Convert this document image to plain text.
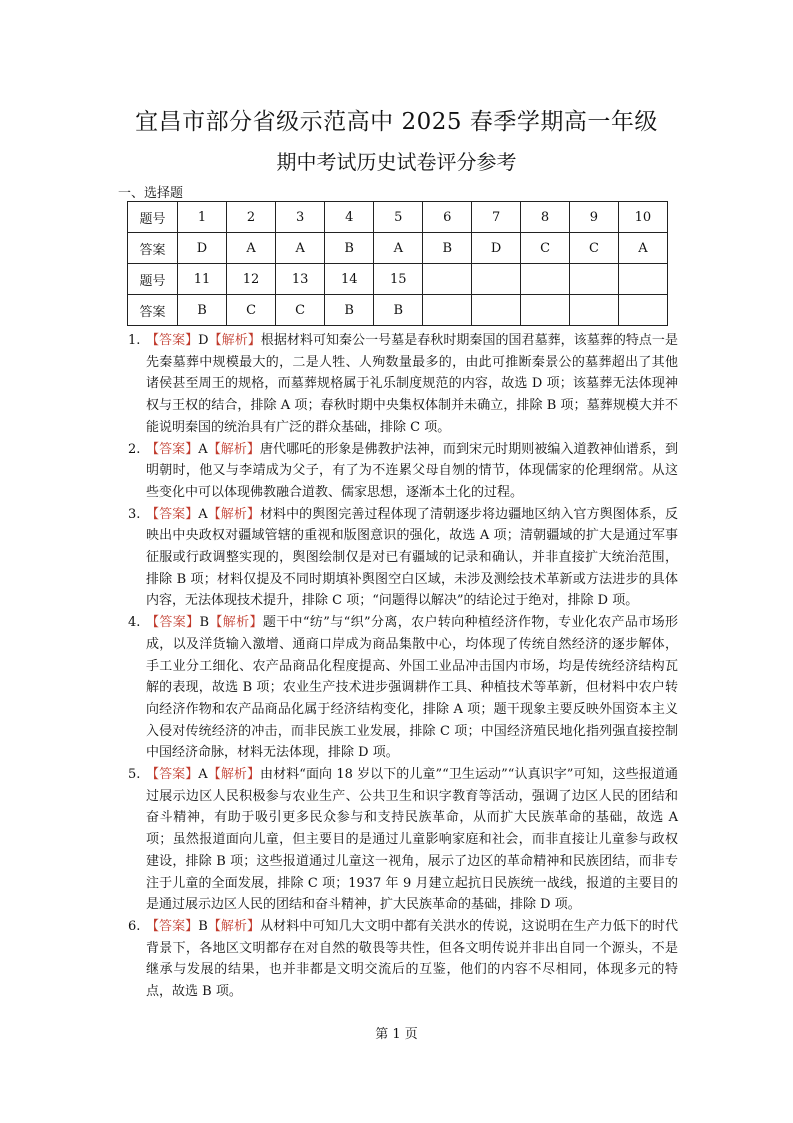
宜昌市部分省级示范高中 2025 春季学期高一年级
期中考试历史试卷评分参考
一、选择题
题号	1	2	3	4	5	6	7	8	9	10
答案	D	A	A	B	A	B	D	C	C	A
题号	11	12	13	14	15					
答案	B	C	C	B	B					
1. 【答案】D【解析】根据材料可知秦公一号墓是春秋时期秦国的国君墓葬，该墓葬的特点一是先秦墓葬中规模最大的，二是人牲、人殉数量最多的，由此可推断秦景公的墓葬超出了其他诸侯甚至周王的规格，而墓葬规格属于礼乐制度规范的内容，故选 D 项；该墓葬无法体现神权与王权的结合，排除 A 项；春秋时期中央集权体制并未确立，排除 B 项；墓葬规模大并不能说明秦国的统治具有广泛的群众基础，排除 C 项。
2. 【答案】A【解析】唐代哪吒的形象是佛教护法神，而到宋元时期则被编入道教神仙谱系，到明朝时，他又与李靖成为父子，有了为不连累父母自刎的情节，体现儒家的伦理纲常。从这些变化中可以体现佛教融合道教、儒家思想，逐渐本土化的过程。
3. 【答案】A【解析】材料中的舆图完善过程体现了清朝逐步将边疆地区纳入官方舆图体系，反映出中央政权对疆域管辖的重视和版图意识的强化，故选 A 项；清朝疆域的扩大是通过军事征服或行政调整实现的，舆图绘制仅是对已有疆域的记录和确认，并非直接扩大统治范围，排除 B 项；材料仅提及不同时期填补舆图空白区域，未涉及测绘技术革新或方法进步的具体内容，无法体现技术提升，排除 C 项；“问题得以解决”的结论过于绝对，排除 D 项。
4. 【答案】B【解析】题干中“纺”与“织”分离，农户转向种植经济作物，专业化农产品市场形成，以及洋货输入激增、通商口岸成为商品集散中心，均体现了传统自然经济的逐步解体，手工业分工细化、农产品商品化程度提高、外国工业品冲击国内市场，均是传统经济结构瓦解的表现，故选 B 项；农业生产技术进步强调耕作工具、种植技术等革新，但材料中农户转向经济作物和农产品商品化属于经济结构变化，排除 A 项；题干现象主要反映外国资本主义入侵对传统经济的冲击，而非民族工业发展，排除 C 项；中国经济殖民地化指列强直接控制中国经济命脉，材料无法体现，排除 D 项。
5. 【答案】A【解析】由材料“面向 18 岁以下的儿童”“卫生运动”“认真识字”可知，这些报道通过展示边区人民积极参与农业生产、公共卫生和识字教育等活动，强调了边区人民的团结和奋斗精神，有助于吸引更多民众参与和支持民族革命，从而扩大民族革命的基础，故选 A 项；虽然报道面向儿童，但主要目的是通过儿童影响家庭和社会，而非直接让儿童参与政权建设，排除 B 项；这些报道通过儿童这一视角，展示了边区的革命精神和民族团结，而非专注于儿童的全面发展，排除 C 项；1937 年 9 月建立起抗日民族统一战线，报道的主要目的是通过展示边区人民的团结和奋斗精神，扩大民族革命的基础，排除 D 项。
6. 【答案】B【解析】从材料中可知几大文明中都有关洪水的传说，这说明在生产力低下的时代背景下，各地区文明都存在对自然的敬畏等共性，但各文明传说并非出自同一个源头，不是继承与发展的结果，也并非都是文明交流后的互鉴，他们的内容不尽相同，体现多元的特点，故选 B 项。
第 1 页
